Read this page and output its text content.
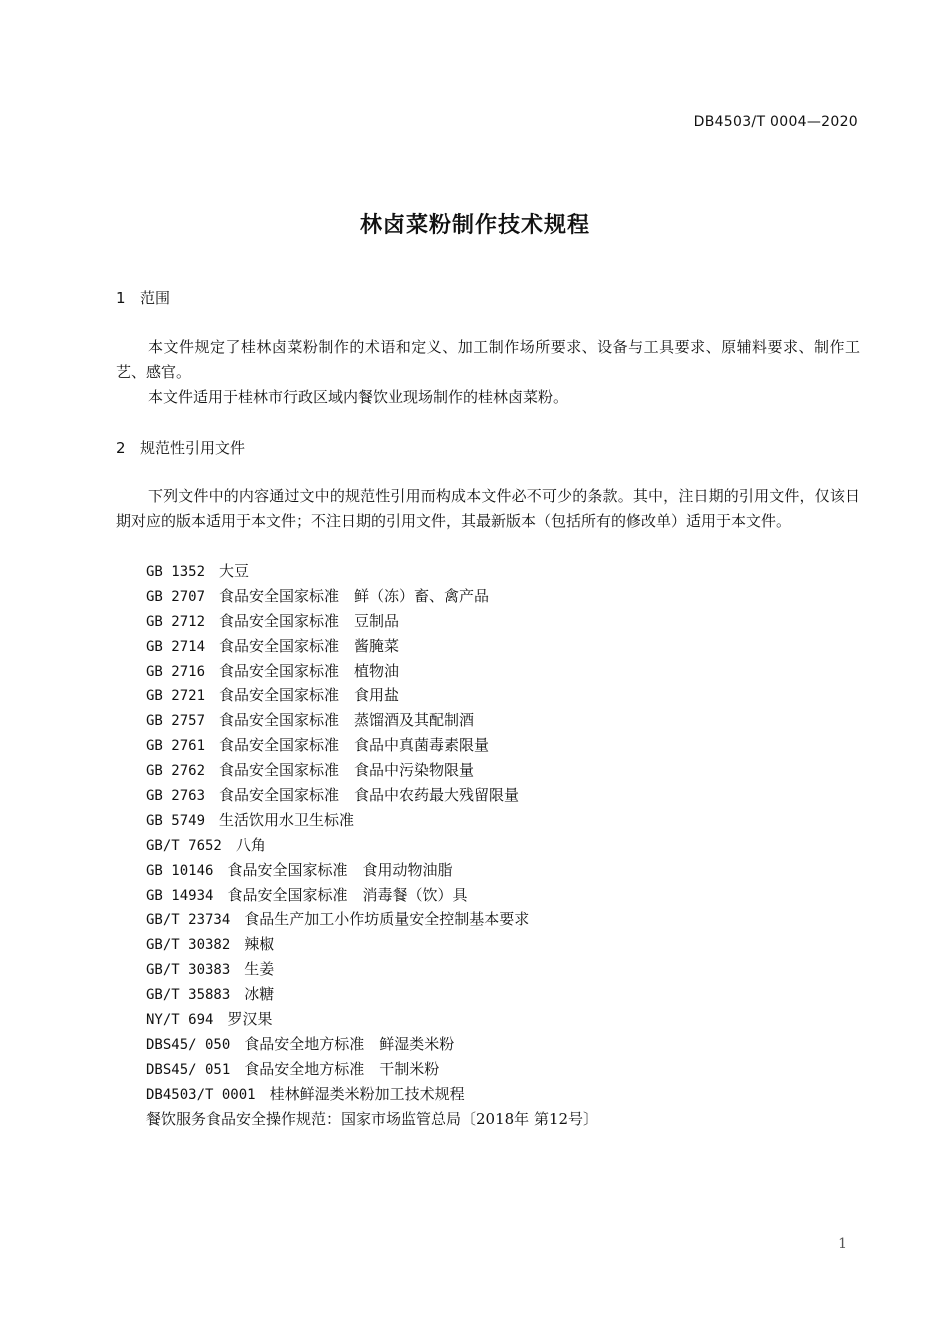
DB4503/T 0004—2020
林卤菜粉制作技术规程
1 范围
本文件规定了桂林卤菜粉制作的术语和定义、加工制作场所要求、设备与工具要求、原辅料要求、制作工艺、感官。
本文件适用于桂林市行政区域内餐饮业现场制作的桂林卤菜粉。
2 规范性引用文件
下列文件中的内容通过文中的规范性引用而构成本文件必不可少的条款。其中，注日期的引用文件，仅该日期对应的版本适用于本文件；不注日期的引用文件，其最新版本（包括所有的修改单）适用于本文件。
GB 1352 大豆
GB 2707 食品安全国家标准　鲜（冻）畜、禽产品
GB 2712 食品安全国家标准　豆制品
GB 2714 食品安全国家标准　酱腌菜
GB 2716 食品安全国家标准　植物油
GB 2721 食品安全国家标准　食用盐
GB 2757 食品安全国家标准　蒸馏酒及其配制酒
GB 2761 食品安全国家标准　食品中真菌毒素限量
GB 2762 食品安全国家标准　食品中污染物限量
GB 2763 食品安全国家标准　食品中农药最大残留限量
GB 5749 生活饮用水卫生标准
GB/T 7652 八角
GB 10146 食品安全国家标准　食用动物油脂
GB 14934 食品安全国家标准　消毒餐（饮）具
GB/T 23734 食品生产加工小作坊质量安全控制基本要求
GB/T 30382 辣椒
GB/T 30383 生姜
GB/T 35883 冰糖
NY/T 694 罗汉果
DBS45/ 050 食品安全地方标准　鲜湿类米粉
DBS45/ 051 食品安全地方标准　干制米粉
DB4503/T 0001 桂林鲜湿类米粉加工技术规程
餐饮服务食品安全操作规范：国家市场监管总局〔2018年 第12号〕
1
